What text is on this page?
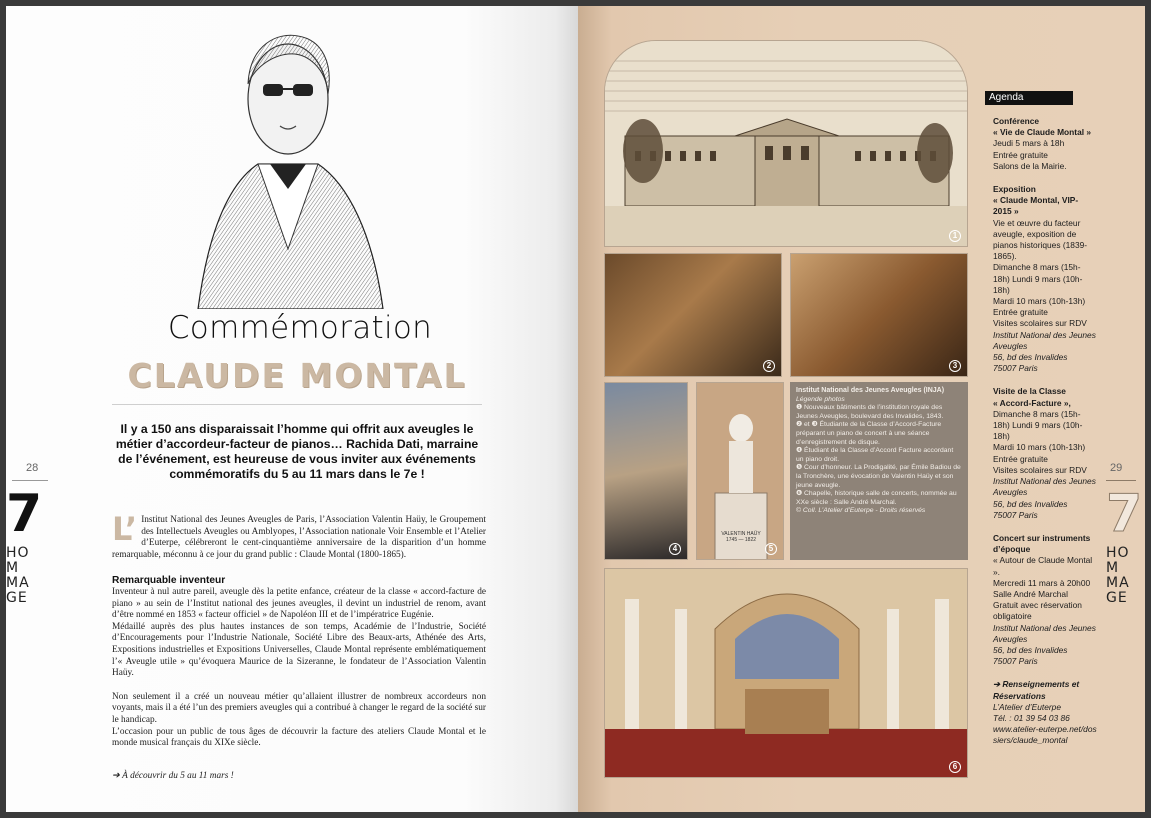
Commémoration
CLAUDE MONTAL
Il y a 150 ans disparaissait l’homme qui offrit aux aveugles le métier d’accordeur-facteur de pianos… Rachida Dati, marraine de l’événement, est heureuse de vous inviter aux événements commémoratifs du 5 au 11 mars dans le 7e !
28
7
HO
M
MA
GE
L’ Institut National des Jeunes Aveugles de Paris, l’Association Valentin Haüy, le Groupement des Intellectuels Aveugles ou Amblyopes, l’Association nationale Voir Ensemble et l’Atelier d’Euterpe, célébreront le cent-cinquantième anniversaire de la disparition d’un homme remarquable, méconnu à ce jour du grand public : Claude Montal (1800-1865).

Remarquable inventeur

Inventeur à nul autre pareil, aveugle dès la petite enfance, créateur de la classe « accord-facture de piano » au sein de l’Institut national des jeunes aveugles, il devint un industriel de renom, avant d’être nommé en 1853 « facteur officiel » de Napoléon III et de l’impératrice Eugénie.

Médaillé auprès des plus hautes instances de son temps, Académie de l’Industrie, Société d’Encouragements pour l’Industrie Nationale, Société Libre des Beaux-arts, Athénée des Arts, Expositions industrielles et Expositions Universelles, Claude Montal représente emblématiquement l’« Aveugle utile » qu’évoquera Maurice de la Sizeranne, le fondateur de l’Association Valentin Haüy.

Non seulement il a créé un nouveau métier qu’allaient illustrer de nombreux accordeurs non voyants, mais il a été l’un des premiers aveugles qui a contribué à changer le regard de la société sur le handicap.

L’occasion pour un public de tous âges de découvrir la facture des ateliers Claude Montal et le monde musical français du XIXe siècle.

➔ À découvrir du 5 au 11 mars !
1
2	3
4
VALENTIN HAÜY 1745 — 1822
5
Institut National des Jeunes Aveugles (INJA)
Légende photos
❶ Nouveaux bâtiments de l’institution royale des Jeunes Aveugles, boulevard des Invalides, 1843.
❷ et ❸ Étudiante de la Classe d’Accord-Facture préparant un piano de concert à une séance d’enregistrement de disque.
❹ Étudiant de la Classe d’Accord Facture accordant un piano droit.
❺ Cour d’honneur. La Prodigalité, par Émile Badiou de la Tronchère, une évocation de Valentin Haüy et son jeune aveugle.
❻ Chapelle, historique salle de concerts, nommée au XXe siècle : Salle André Marchal.
© Coll. L’Atelier d’Euterpe - Droits réservés
6
Agenda
Conférence
« Vie de Claude Montal »
Jeudi 5 mars à 18h
Entrée gratuite
Salons de la Mairie.
Exposition
« Claude Montal, VIP- 2015 »
Vie et œuvre du facteur aveugle, exposition de pianos historiques (1839-1865).
Dimanche 8 mars (15h-18h) Lundi 9 mars (10h-18h)
Mardi 10 mars (10h-13h)
Entrée gratuite
Visites scolaires sur RDV
Institut National des Jeunes Aveugles
56, bd des Invalides
75007 Paris
Visite de la Classe
« Accord-Facture »,
Dimanche 8 mars (15h-18h) Lundi 9 mars (10h-18h)
Mardi 10 mars (10h-13h)
Entrée gratuite
Visites scolaires sur RDV
Institut National des Jeunes Aveugles
56, bd des Invalides
75007 Paris
Concert sur instruments d’époque
« Autour de Claude Montal ».
Mercredi 11 mars à 20h00
Salle André Marchal
Gratuit avec réservation obligatoire
Institut National des Jeunes Aveugles
56, bd des Invalides
75007 Paris
➔ Renseignements et Réservations
L’Atelier d’Euterpe
Tél. : 01 39 54 03 86
www.atelier-euterpe.net/dossiers/claude_montal
29
7
HO
M
MA
GE
